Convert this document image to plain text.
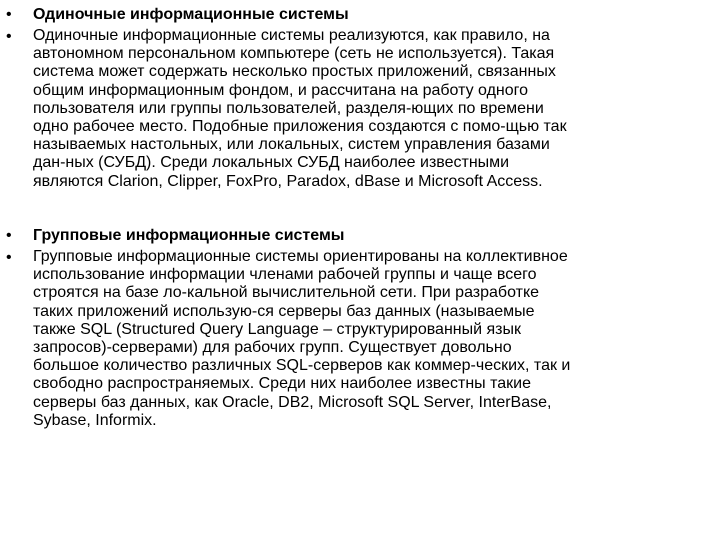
• Одиночные информационные системы
• Одиночные информационные системы реализуются, как правило, на
автономном персональном компьютере (сеть не используется). Такая
система может содержать несколько простых приложений, связанных
общим информационным фондом, и рассчитана на работу одного
пользователя или группы пользователей, разделя-ющих по времени
одно рабочее место. Подобные приложения создаются с помо-щью так
называемых настольных, или локальных, систем управления базами
дан-ных (СУБД). Среди локальных СУБД наиболее известными
являются Clarion, Clipper, FoxPro, Paradox, dBase и Microsoft Access.
• Групповые информационные системы
• Групповые информационные системы ориентированы на коллективное
использование информации членами рабочей группы и чаще всего
строятся на базе ло-кальной вычислительной сети. При разработке
таких приложений использую-ся серверы баз данных (называемые
также SQL (Structured Query Language – структурированный язык
запросов)-серверами) для рабочих групп. Существует довольно
большое количество различных SQL-серверов как коммер-ческих, так и
свободно распространяемых. Среди них наиболее известны такие
серверы баз данных, как Oracle, DB2, Microsoft SQL Server, InterBase,
Sybase, Informix.
